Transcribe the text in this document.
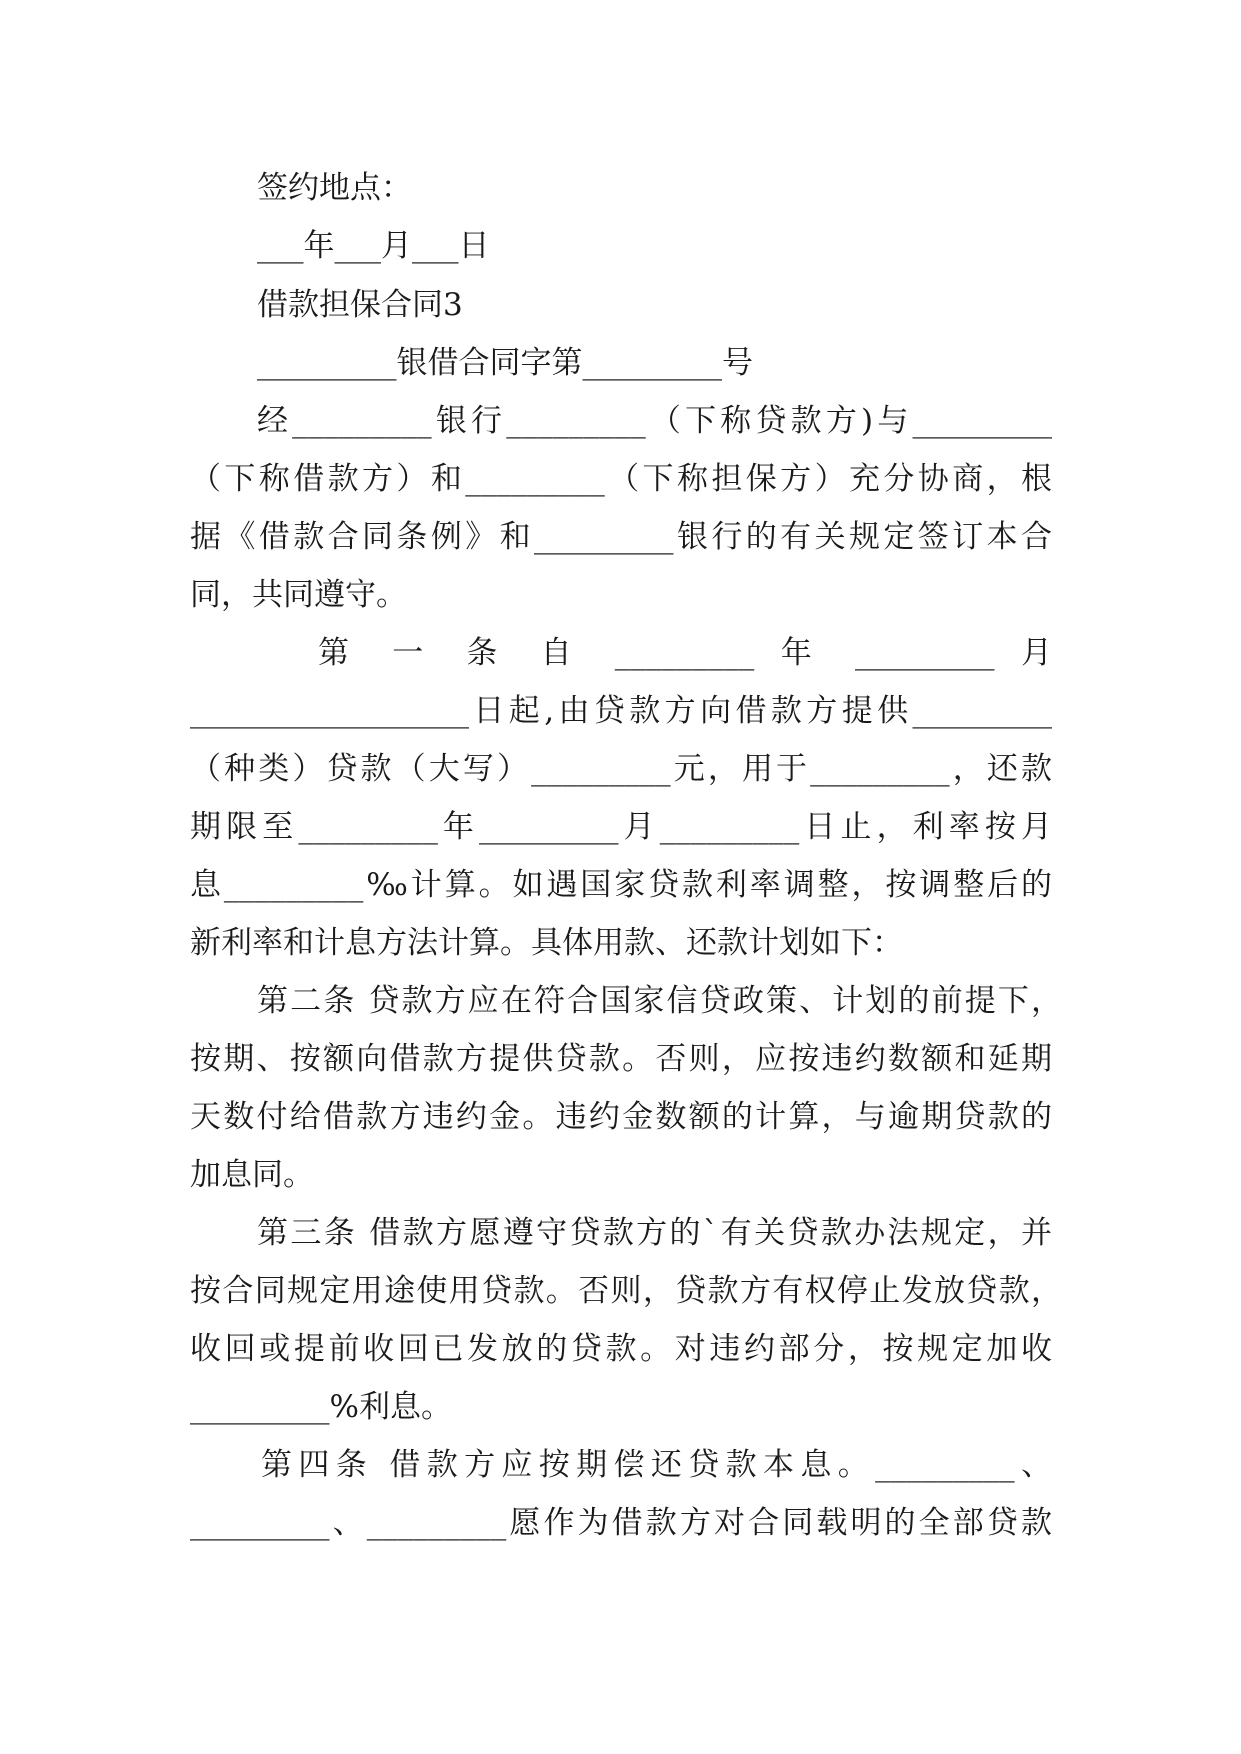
签约地点：
___年___月___日
借款担保合同3
_________银借合同字第_________号
经_________银行_________（下称贷款方)与_________
（下称借款方）和_________（下称担保方）充分协商，根
据《借款合同条例》和_________银行的有关规定签订本合
同，共同遵守。
第 一 条 自 _________ 年 _________ 月
__________________日起,由贷款方向借款方提供_________
（种类）贷款（大写）_________元，用于_________，还款
期限至_________年_________月_________日止，利率按月
息_________‰计算。如遇国家贷款利率调整，按调整后的
新利率和计息方法计算。具体用款、还款计划如下：
第二条 贷款方应在符合国家信贷政策、计划的前提下，
按期、按额向借款方提供贷款。否则，应按违约数额和延期
天数付给借款方违约金。违约金数额的计算，与逾期贷款的
加息同。
第三条 借款方愿遵守贷款方的`有关贷款办法规定，并
按合同规定用途使用贷款。否则，贷款方有权停止发放贷款，
收回或提前收回已发放的贷款。对违约部分，按规定加收
_________%利息。
第四条 借款方应按期偿还贷款本息。_________、
_________、_________愿作为借款方对合同载明的全部贷款
